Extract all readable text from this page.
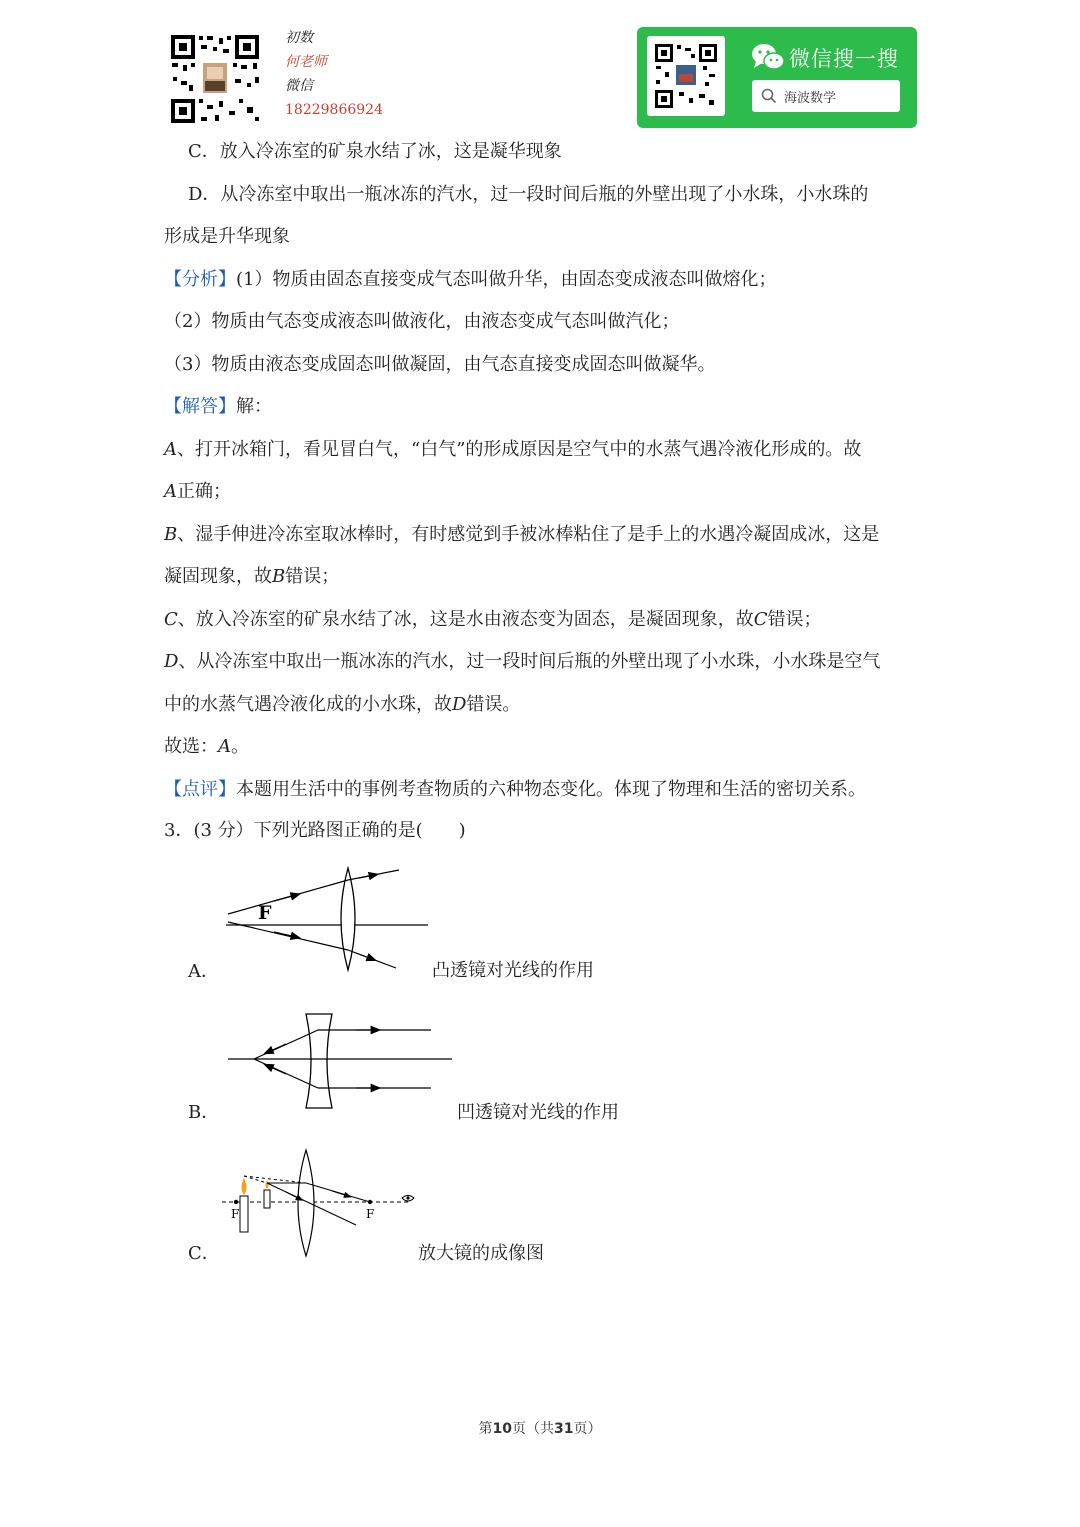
初数
何老师
微信
18229866924
微信搜一搜
海波数学
C．放入冷冻室的矿泉水结了冰，这是凝华现象
D．从冷冻室中取出一瓶冰冻的汽水，过一段时间后瓶的外壁出现了小水珠，小水珠的
形成是升华现象
【分析】(1）物质由固态直接变成气态叫做升华，由固态变成液态叫做熔化；
（2）物质由气态变成液态叫做液化，由液态变成气态叫做汽化；
（3）物质由液态变成固态叫做凝固，由气态直接变成固态叫做凝华。
【解答】解：
A、打开冰箱门，看见冒白气，“白气”的形成原因是空气中的水蒸气遇冷液化形成的。故
A正确；
B、湿手伸进冷冻室取冰棒时，有时感觉到手被冰棒粘住了是手上的水遇冷凝固成冰，这是
凝固现象，故B错误；
C、放入冷冻室的矿泉水结了冰，这是水由液态变为固态，是凝固现象，故C错误；
D、从冷冻室中取出一瓶冰冻的汽水，过一段时间后瓶的外壁出现了小水珠，小水珠是空气
中的水蒸气遇冷液化成的小水珠，故D错误。
故选：A。
【点评】本题用生活中的事例考查物质的六种物态变化。体现了物理和生活的密切关系。
3．(3 分）下列光路图正确的是(　　)
A．
F
凸透镜对光线的作用
B．	凹透镜对光线的作用
C．
F	F
放大镜的成像图
第10页（共31页）
